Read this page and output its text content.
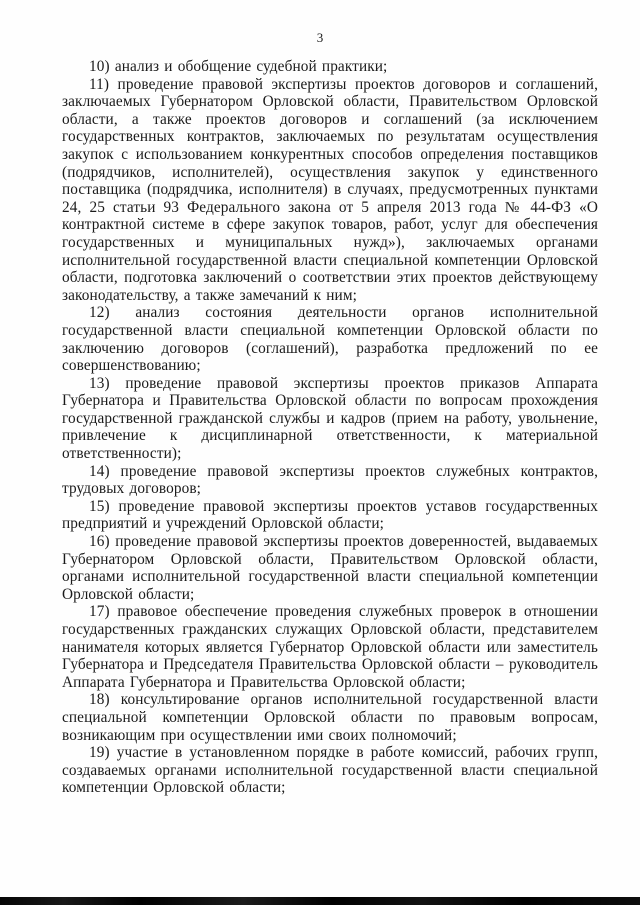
3

10) анализ и обобщение судебной практики;

11) проведение правовой экспертизы проектов договоров и соглашений, заключаемых Губернатором Орловской области, Правительством Орловской области, а также проектов договоров и соглашений (за исключением государственных контрактов, заключаемых по результатам осуществления закупок с использованием конкурентных способов определения поставщиков (подрядчиков, исполнителей), осуществления закупок у единственного поставщика (подрядчика, исполнителя) в случаях, предусмотренных пунктами 24, 25 статьи 93 Федерального закона от 5 апреля 2013 года № 44-ФЗ «О контрактной системе в сфере закупок товаров, работ, услуг для обеспечения государственных и муниципальных нужд»), заключаемых органами исполнительной государственной власти специальной компетенции Орловской области, подготовка заключений о соответствии этих проектов действующему законодательству, а также замечаний к ним;

12) анализ состояния деятельности органов исполнительной государственной власти специальной компетенции Орловской области по заключению договоров (соглашений), разработка предложений по ее совершенствованию;

13) проведение правовой экспертизы проектов приказов Аппарата Губернатора и Правительства Орловской области по вопросам прохождения государственной гражданской службы и кадров (прием на работу, увольнение, привлечение к дисциплинарной ответственности, к материальной ответственности);

14) проведение правовой экспертизы проектов служебных контрактов, трудовых договоров;

15) проведение правовой экспертизы проектов уставов государственных предприятий и учреждений Орловской области;

16) проведение правовой экспертизы проектов доверенностей, выдаваемых Губернатором Орловской области, Правительством Орловской области, органами исполнительной государственной власти специальной компетенции Орловской области;

17) правовое обеспечение проведения служебных проверок в отношении государственных гражданских служащих Орловской области, представителем нанимателя которых является Губернатор Орловской области или заместитель Губернатора и Председателя Правительства Орловской области – руководитель Аппарата Губернатора и Правительства Орловской области;

18) консультирование органов исполнительной государственной власти специальной компетенции Орловской области по правовым вопросам, возникающим при осуществлении ими своих полномочий;

19) участие в установленном порядке в работе комиссий, рабочих групп, создаваемых органами исполнительной государственной власти специальной компетенции Орловской области;
